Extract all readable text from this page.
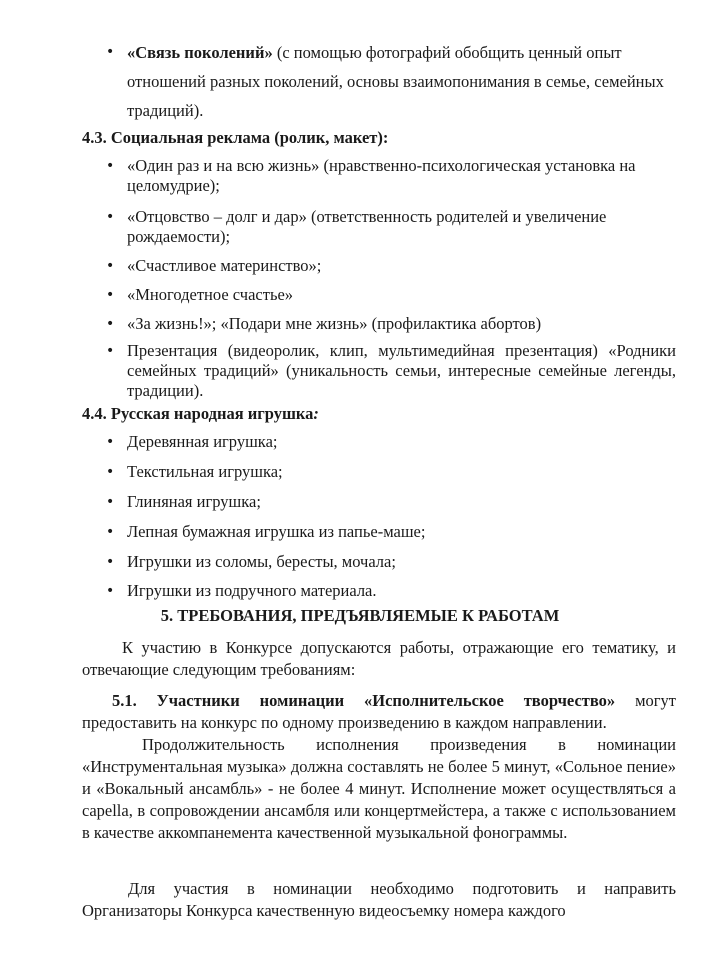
• «Связь поколений» (с помощью фотографий обобщить ценный опыт отношений разных поколений, основы взаимопонимания в семье, семейных традиций).
4.3. Социальная реклама (ролик, макет):
• «Один раз и на всю жизнь» (нравственно-психологическая установка на целомудрие);
• «Отцовство – долг и дар» (ответственность родителей и увеличение рождаемости);
• «Счастливое материнство»;
• «Многодетное счастье»
• «За жизнь!»; «Подари мне жизнь» (профилактика абортов)
• Презентация (видеоролик, клип, мультимедийная презентация) «Родники семейных традиций» (уникальность семьи, интересные семейные легенды, традиции).
4.4. Русская народная игрушка:
• Деревянная игрушка;
• Текстильная игрушка;
• Глиняная игрушка;
• Лепная бумажная игрушка из папье-маше;
• Игрушки из соломы, бересты, мочала;
• Игрушки из подручного материала.
5. ТРЕБОВАНИЯ, ПРЕДЪЯВЛЯЕМЫЕ К РАБОТАМ

К участию в Конкурсе допускаются работы, отражающие его тематику, и отвечающие следующим требованиям:

5.1. Участники номинации «Исполнительское творчество» могут предоставить на конкурс по одному произведению в каждом направлении.

Продолжительность исполнения произведения в номинации «Инструментальная музыка» должна составлять не более 5 минут, «Сольное пение» и «Вокальный ансамбль» - не более 4 минут. Исполнение может осуществляться a capella, в сопровождении ансамбля или концертмейстера, а также с использованием в качестве аккомпанемента качественной музыкальной фонограммы.

Для участия в номинации необходимо подготовить и направить Организаторы Конкурса качественную видеосъемку номера каждого
